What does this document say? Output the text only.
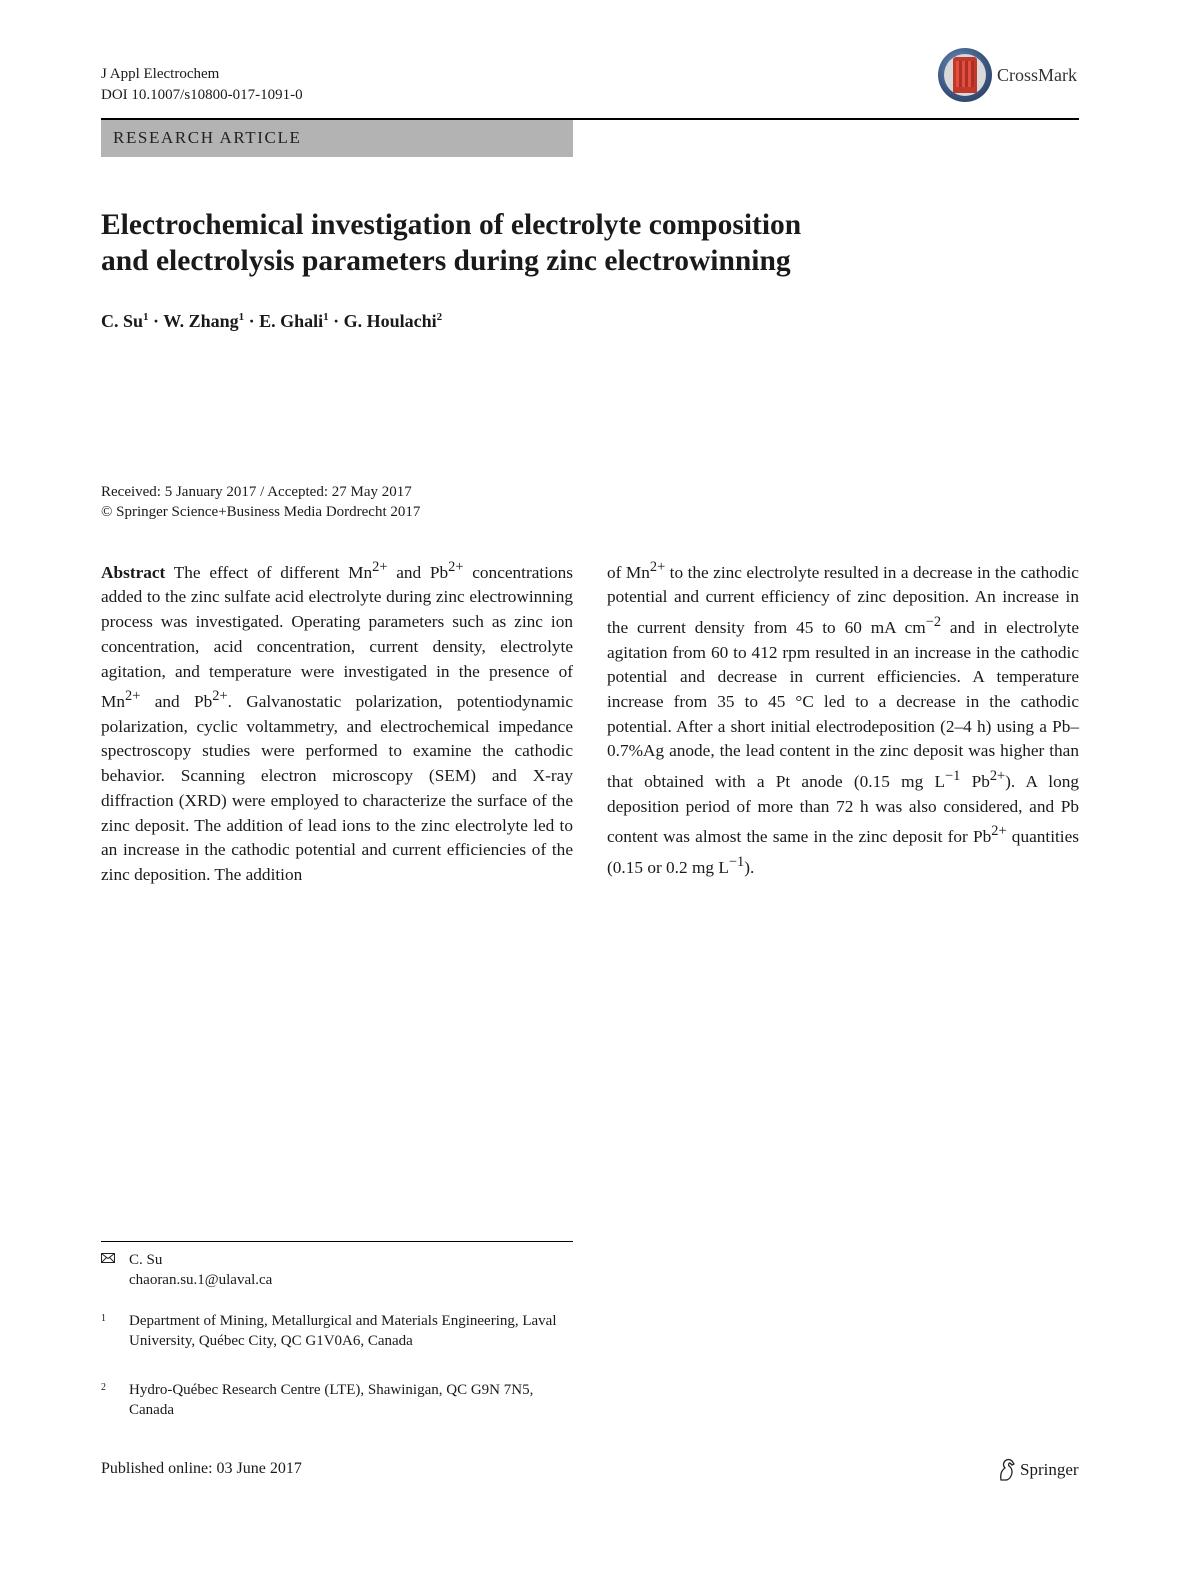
J Appl Electrochem
DOI 10.1007/s10800-017-1091-0
CrossMark
RESEARCH ARTICLE
Electrochemical investigation of electrolyte composition
and electrolysis parameters during zinc electrowinning
C. $Su^1 \cdot W$. Zhang$^1$ · E. Ghali$^1$ · G. Houlachi$^2$
Received: 5 January 2017 / Accepted: 27 May 2017
© Springer Science+Business Media Dordrecht 2017
Abstract The effect of different $Mn^{2+}$ and $Pb^{2+}$ concentrations added to the zinc sulfate acid electrolyte during zinc electrowinning process was investigated. Operating parameters such as zinc ion concentration, acid concentration, current density, electrolyte agitation, and temperature were investigated in the presence of $Mn^{2+}$ and $Pb^{2+}$. Galvanostatic polarization, potentiodynamic polarization, cyclic voltammetry, and electrochemical impedance spectroscopy studies were performed to examine the cathodic behavior. Scanning electron microscopy (SEM) and X-ray diffraction (XRD) were employed to characterize the surface of the zinc deposit. The addition of lead ions to the zinc electrolyte led to an increase in the cathodic potential and current efficiencies of the zinc deposition. The addition
of $Mn^{2+}$ to the zinc electrolyte resulted in a decrease in the cathodic potential and current efficiency of zinc deposition. An increase in the current density from 45 to 60 mA $cm^{-2}$ and in electrolyte agitation from 60 to 412 rpm resulted in an increase in the cathodic potential and decrease in current efficiencies. A temperature increase from 35 to 45 °C led to a decrease in the cathodic potential. After a short initial electrodeposition (2–4 h) using a Pb–0.7%Ag anode, the lead content in the zinc deposit was higher than that obtained with a Pt anode (0.15 mg $L^{-1}$ $Pb^{2+}$). A long deposition period of more than 72 h was also considered, and Pb content was almost the same in the zinc deposit for $Pb^{2+}$ quantities (0.15 or 0.2 mg $L^{-1}$).
C. Su
chaoran.su.1@ulaval.ca
1 Department of Mining, Metallurgical and Materials Engineering, Laval University, Québec City, QC G1V0A6, Canada
2 Hydro-Québec Research Centre (LTE), Shawinigan, QC G9N 7N5, Canada
Published online: 03 June 2017	Springer
